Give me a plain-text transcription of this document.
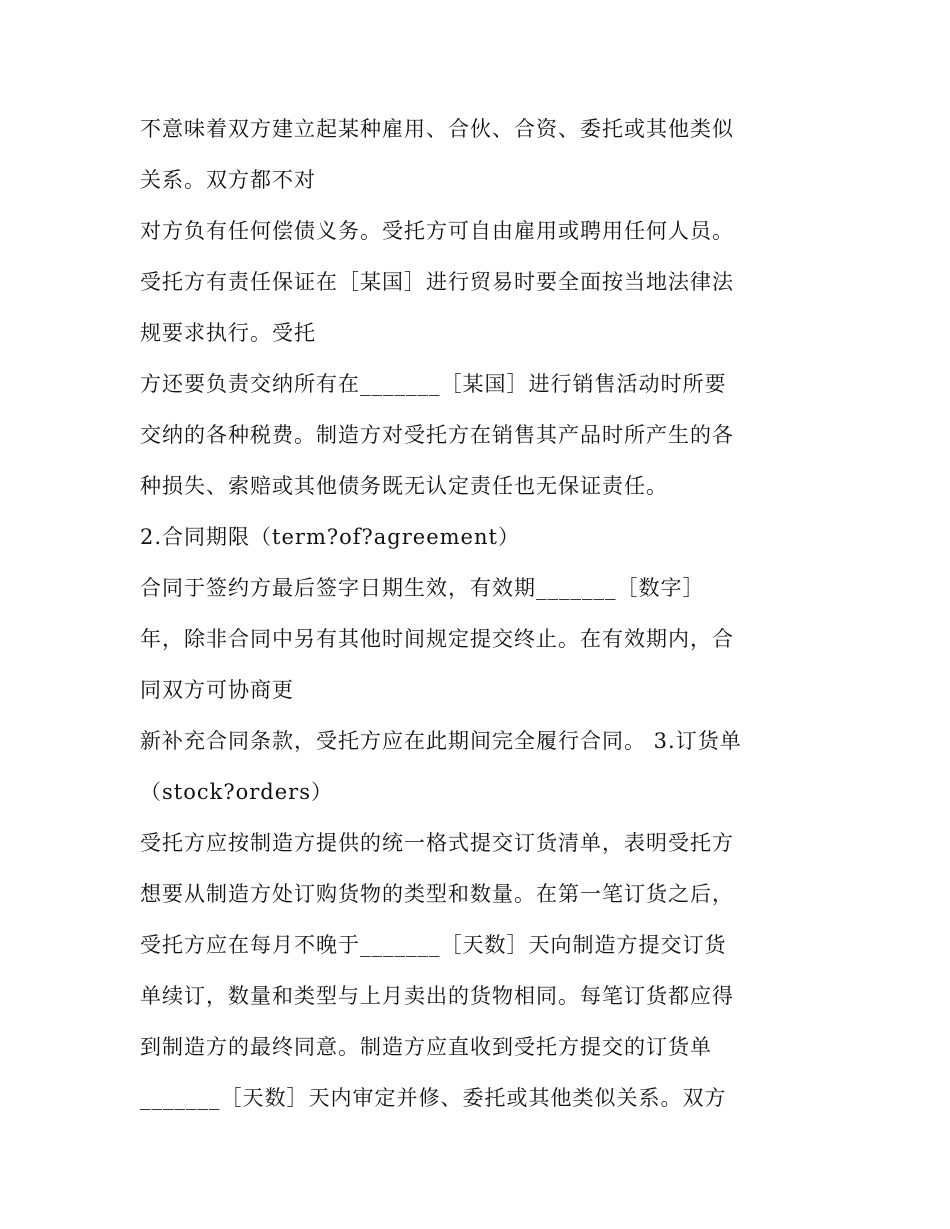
不意味着双方建立起某种雇用、合伙、合资、委托或其他类似
关系。双方都不对
对方负有任何偿债义务。受托方可自由雇用或聘用任何人员。
受托方有责任保证在［某国］进行贸易时要全面按当地法律法
规要求执行。受托
方还要负责交纳所有在_______［某国］进行销售活动时所要
交纳的各种税费。制造方对受托方在销售其产品时所产生的各
种损失、索赔或其他债务既无认定责任也无保证责任。
2.合同期限（term?of?agreement）
合同于签约方最后签字日期生效，有效期_______［数字］
年，除非合同中另有其他时间规定提交终止。在有效期内，合
同双方可协商更
新补充合同条款，受托方应在此期间完全履行合同。 3.订货单
（stock?orders）
受托方应按制造方提供的统一格式提交订货清单，表明受托方
想要从制造方处订购货物的类型和数量。在第一笔订货之后，
受托方应在每月不晚于_______［天数］天向制造方提交订货
单续订，数量和类型与上月卖出的货物相同。每笔订货都应得
到制造方的最终同意。制造方应直收到受托方提交的订货单
_______［天数］天内审定并修、委托或其他类似关系。双方
